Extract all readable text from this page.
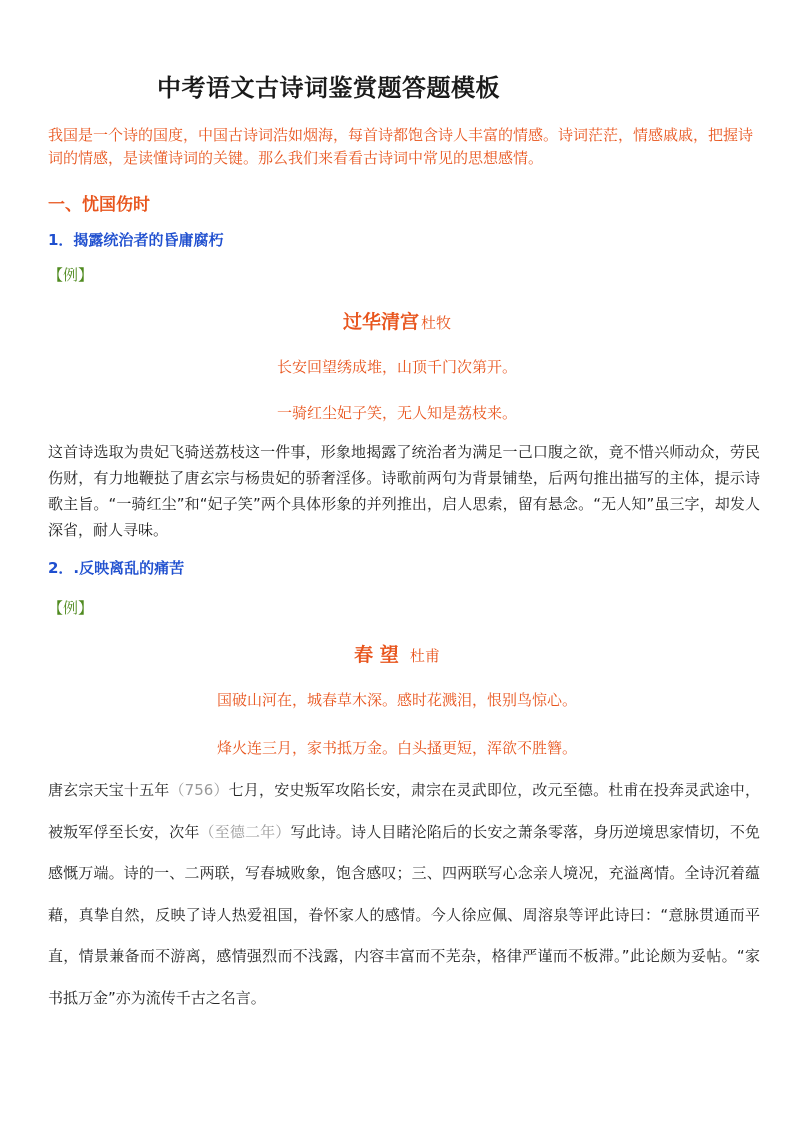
中考语文古诗词鉴赏题答题模板
我国是一个诗的国度，中国古诗词浩如烟海，每首诗都饱含诗人丰富的情感。诗词茫茫，情感戚戚，把握诗词的情感，是读懂诗词的关键。那么我们来看看古诗词中常见的思想感情。
一、忧国伤时
1．揭露统治者的昏庸腐朽
【例】
过华清宫 杜牧
长安回望绣成堆，山顶千门次第开。
一骑红尘妃子笑，无人知是荔枝来。
这首诗选取为贵妃飞骑送荔枝这一件事，形象地揭露了统治者为满足一己口腹之欲，竟不惜兴师动众，劳民伤财，有力地鞭挞了唐玄宗与杨贵妃的骄奢淫侈。诗歌前两句为背景铺垫，后两句推出描写的主体，提示诗歌主旨。“一骑红尘”和“妃子笑”两个具体形象的并列推出，启人思索，留有悬念。“无人知”虽三字，却发人深省，耐人寻味。
2．.反映离乱的痛苦
【例】
春 望 杜甫
国破山河在，城春草木深。感时花溅泪，恨别鸟惊心。
烽火连三月，家书抵万金。白头搔更短，浑欲不胜簪。
唐玄宗天宝十五年（756）七月，安史叛军攻陷长安，肃宗在灵武即位，改元至德。杜甫在投奔灵武途中，被叛军俘至长安，次年（至德二年）写此诗。诗人目睹沦陷后的长安之萧条零落，身历逆境思家情切，不免感慨万端。诗的一、二两联，写春城败象，饱含感叹；三、四两联写心念亲人境况，充溢离情。全诗沉着蕴藉，真挚自然，反映了诗人热爱祖国，眷怀家人的感情。今人徐应佩、周溶泉等评此诗曰：“意脉贯通而平直，情景兼备而不游离，感情强烈而不浅露，内容丰富而不芜杂，格律严谨而不板滞。”此论颇为妥帖。“家书抵万金”亦为流传千古之名言。
